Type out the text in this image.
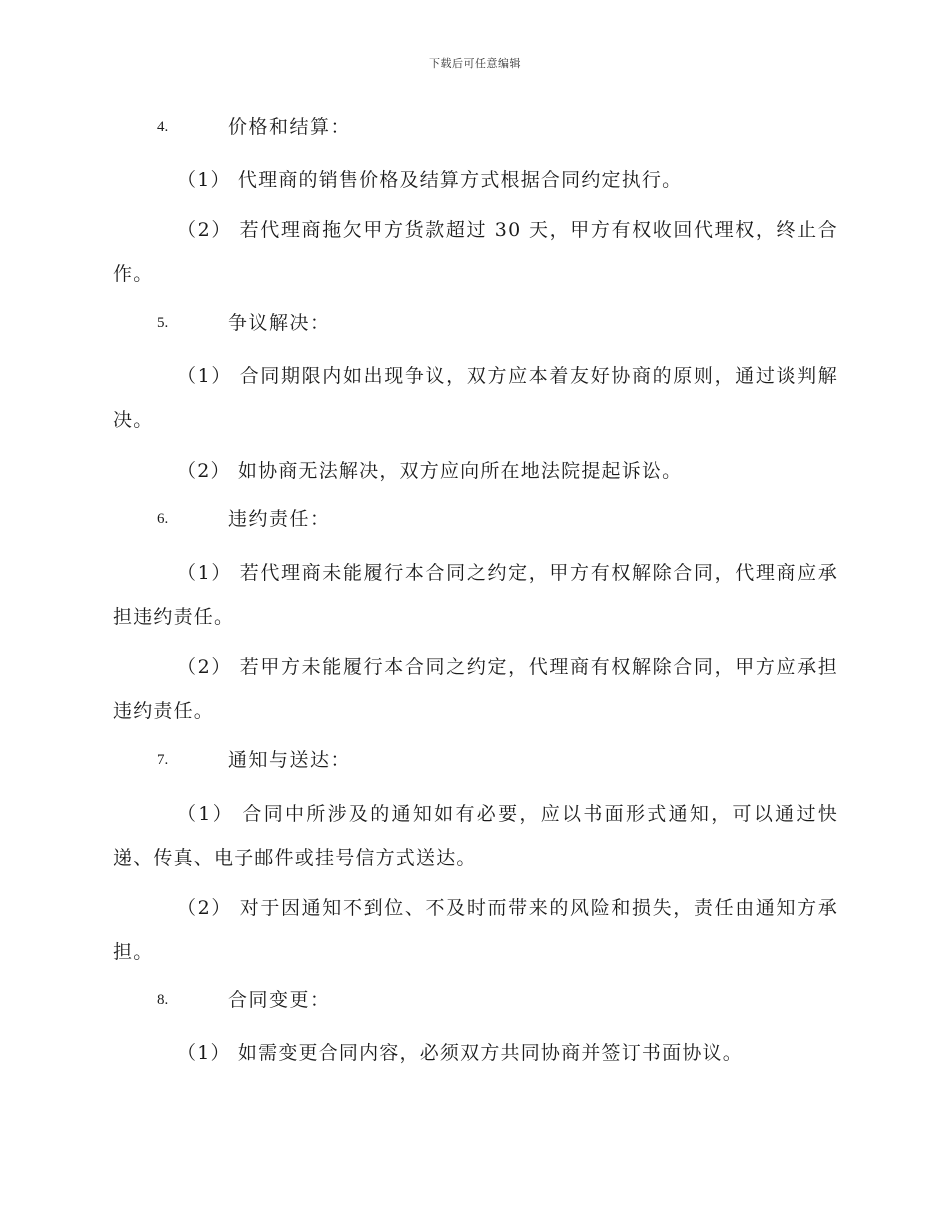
下载后可任意编辑
4.	价格和结算：
（1） 代理商的销售价格及结算方式根据合同约定执行。
（2） 若代理商拖欠甲方货款超过 30 天，甲方有权收回代理权，终止合作。
5.	争议解决：
（1） 合同期限内如出现争议，双方应本着友好协商的原则，通过谈判解决。
（2） 如协商无法解决，双方应向所在地法院提起诉讼。
6.	违约责任：
（1） 若代理商未能履行本合同之约定，甲方有权解除合同，代理商应承担违约责任。
（2） 若甲方未能履行本合同之约定，代理商有权解除合同，甲方应承担违约责任。
7.	通知与送达：
（1） 合同中所涉及的通知如有必要，应以书面形式通知，可以通过快递、传真、电子邮件或挂号信方式送达。
（2） 对于因通知不到位、不及时而带来的风险和损失，责任由通知方承担。
8.	合同变更：
（1） 如需变更合同内容，必须双方共同协商并签订书面协议。
